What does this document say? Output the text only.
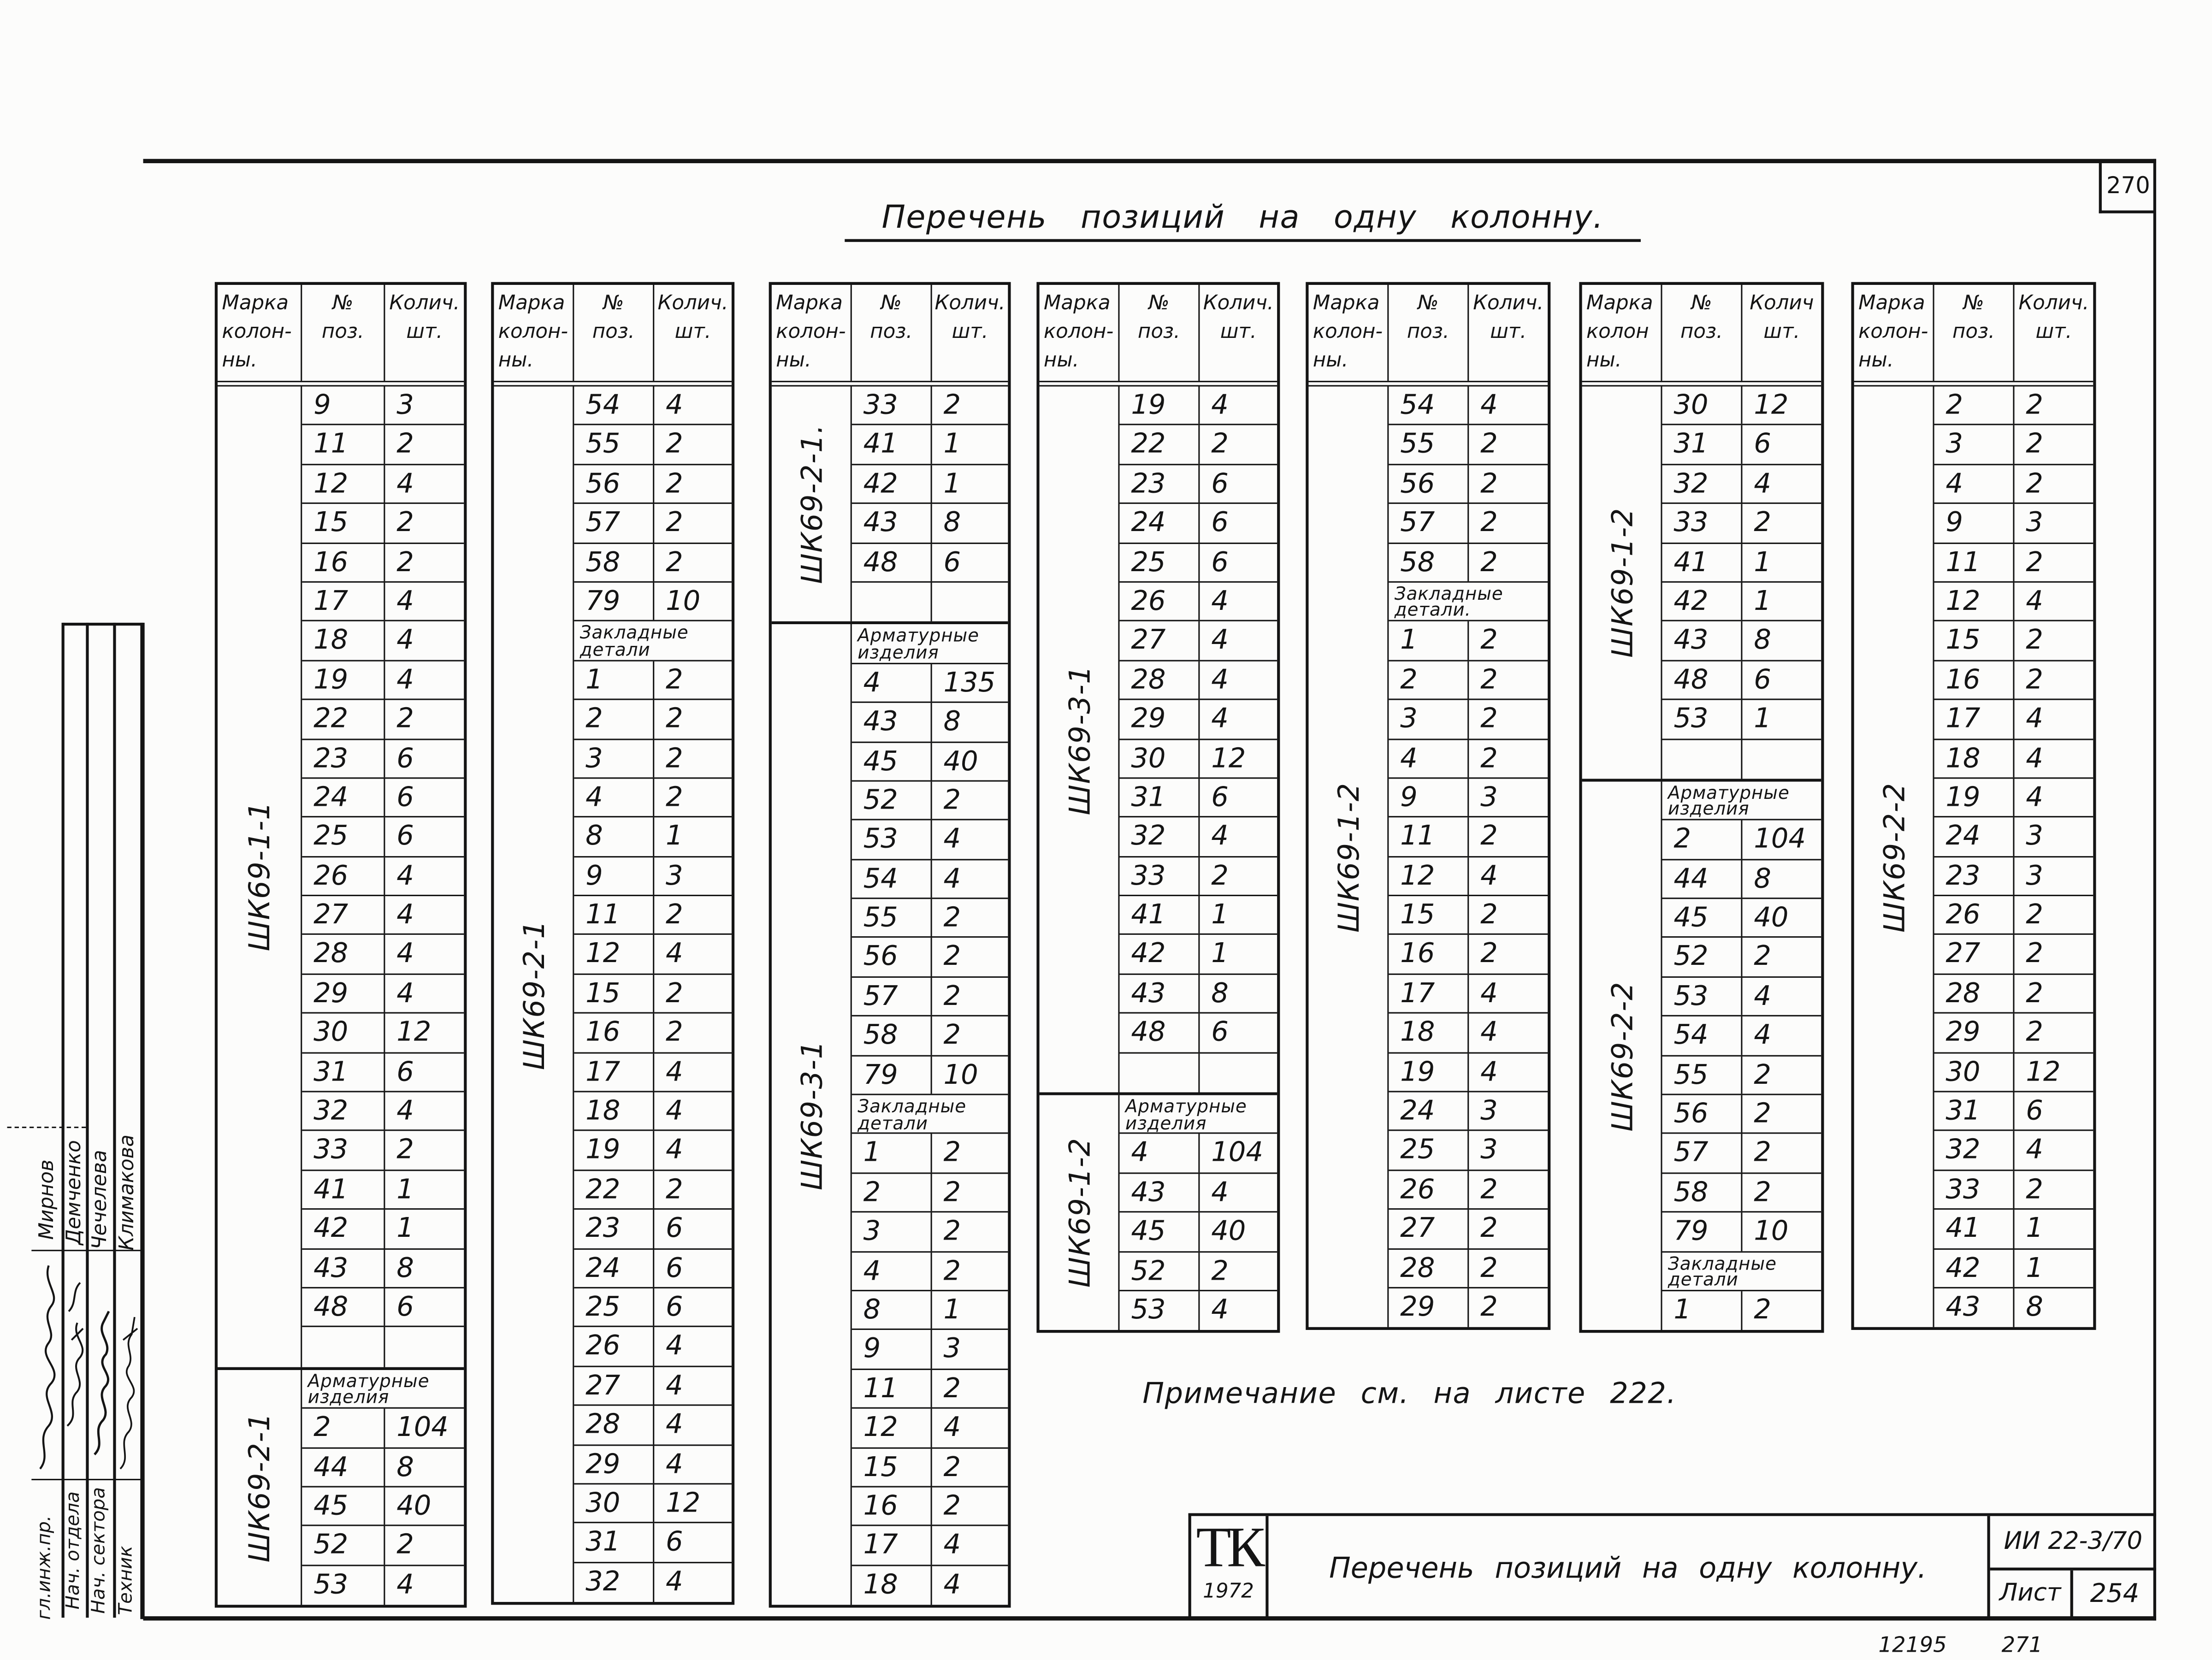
270
Перечень позиций на одну колонну.
Марка
колон-
ны.
№
поз.
Колич.
шт.
ШК69-1-1
9	3
11	2
12	4
15	2
16	2
17	4
18	4
19	4
22	2
23	6
24	6
25	6
26	4
27	4
28	4
29	4
30	12
31	6
32	4
33	2
41	1
42	1
43	8
48	6
ШК69-2-1
Арматурные
изделия
2	104
44	8
45	40
52	2
53	4
Марка
колон-
ны.
№
поз.
Колич.
шт.
ШК69-2-1
54	4
55	2
56	2
57	2
58	2
79	10
Закладные
детали
1	2
2	2
3	2
4	2
8	1
9	3
11	2
12	4
15	2
16	2
17	4
18	4
19	4
22	2
23	6
24	6
25	6
26	4
27	4
28	4
29	4
30	12
31	6
32	4
Марка
колон-
ны.
№
поз.
Колич.
шт.
ШК69-2-1.
33	2
41	1
42	1
43	8
48	6
ШК69-3-1
Арматурные
изделия
4	135
43	8
45	40
52	2
53	4
54	4
55	2
56	2
57	2
58	2
79	10
Закладные
детали
1	2
2	2
3	2
4	2
8	1
9	3
11	2
12	4
15	2
16	2
17	4
18	4
Марка
колон-
ны.
№
поз.
Колич.
шт.
ШК69-3-1
19	4
22	2
23	6
24	6
25	6
26	4
27	4
28	4
29	4
30	12
31	6
32	4
33	2
41	1
42	1
43	8
48	6
ШК69-1-2
Арматурные
изделия
4	104
43	4
45	40
52	2
53	4
Марка
колон-
ны.
№
поз.
Колич.
шт.
ШК69-1-2
54	4
55	2
56	2
57	2
58	2
Закладные
детали.
1	2
2	2
3	2
4	2
9	3
11	2
12	4
15	2
16	2
17	4
18	4
19	4
24	3
25	3
26	2
27	2
28	2
29	2
Марка
колон
ны.
№
поз.
Колич
шт.
ШК69-1-2
30	12
31	6
32	4
33	2
41	1
42	1
43	8
48	6
53	1
ШК69-2-2
Арматурные
изделия
2	104
44	8
45	40
52	2
53	4
54	4
55	2
56	2
57	2
58	2
79	10
Закладные
детали
1	2
Марка
колон-
ны.
№
поз.
Колич.
шт.
ШК69-2-2
2	2
3	2
4	2
9	3
11	2
12	4
15	2
16	2
17	4
18	4
19	4
24	3
23	3
26	2
27	2
28	2
29	2
30	12
31	6
32	4
33	2
41	1
42	1
43	8
Примечание см. на листе 222.
ТК
1972
Перечень позиций на одну колонну.
ИИ 22-3/70
Лист	254
12195	271
гл.инж.пр. Нач. отдела Нач. сектора Техник
Мирнов Демченко Чечелева Климакова
